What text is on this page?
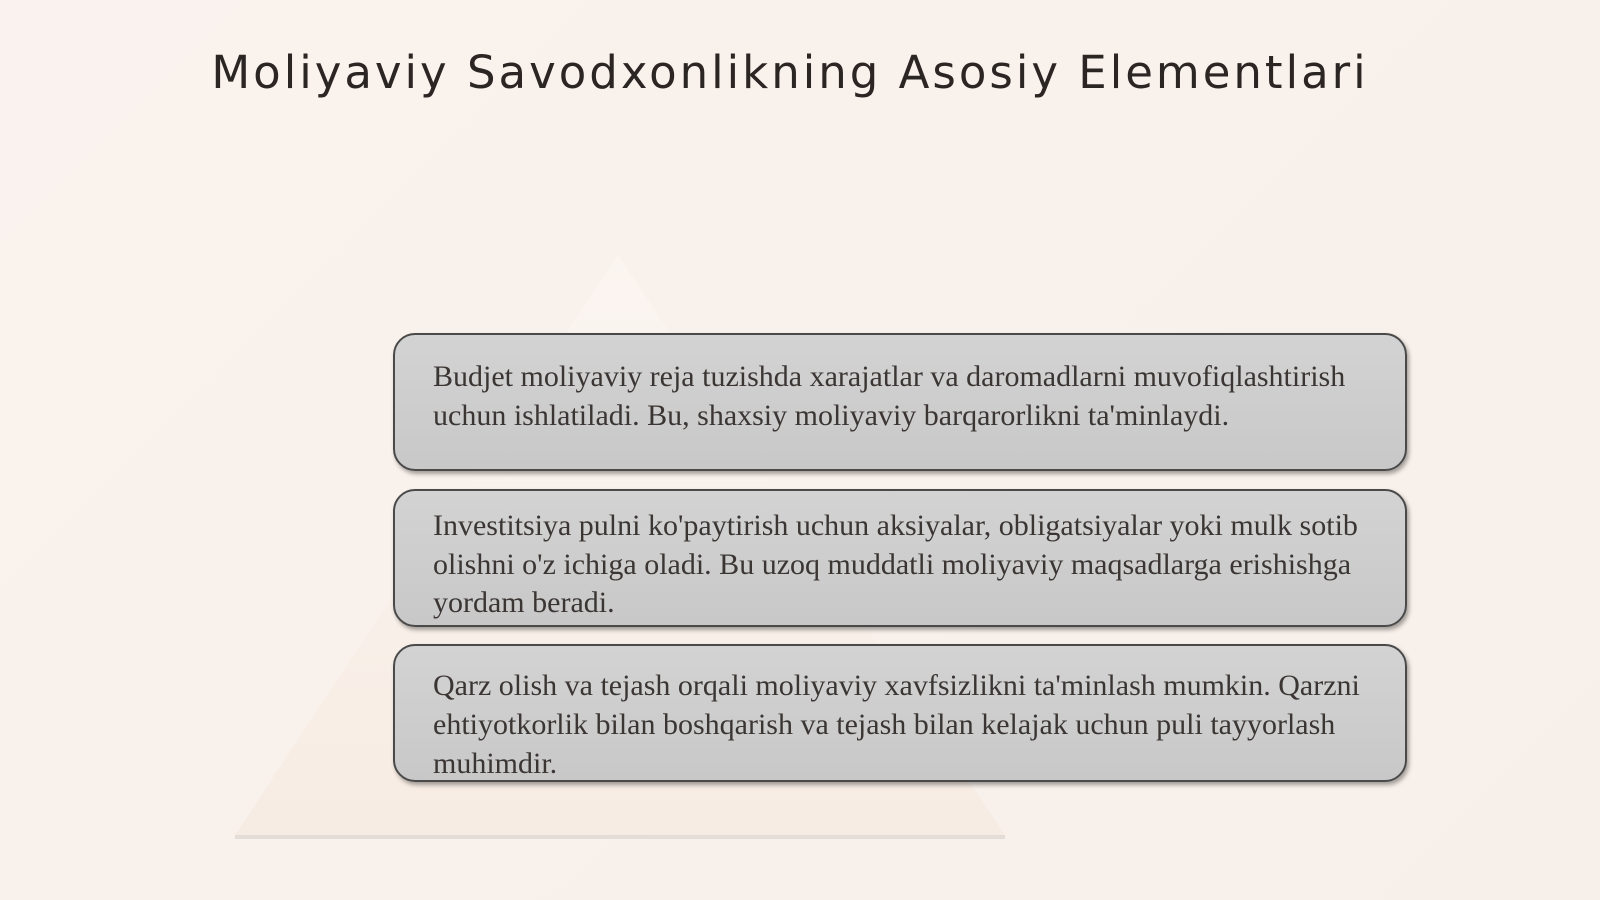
Moliyaviy Savodxonlikning Asosiy Elementlari

Budjet moliyaviy reja tuzishda xarajatlar va daromadlarni muvofiqlashtirish uchun ishlatiladi. Bu, shaxsiy moliyaviy barqarorlikni ta'minlaydi.

Investitsiya pulni ko'paytirish uchun aksiyalar, obligatsiyalar yoki mulk sotib olishni o'z ichiga oladi. Bu uzoq muddatli moliyaviy maqsadlarga erishishga yordam beradi.

Qarz olish va tejash orqali moliyaviy xavfsizlikni ta'minlash mumkin. Qarzni ehtiyotkorlik bilan boshqarish va tejash bilan kelajak uchun puli tayyorlash muhimdir.
